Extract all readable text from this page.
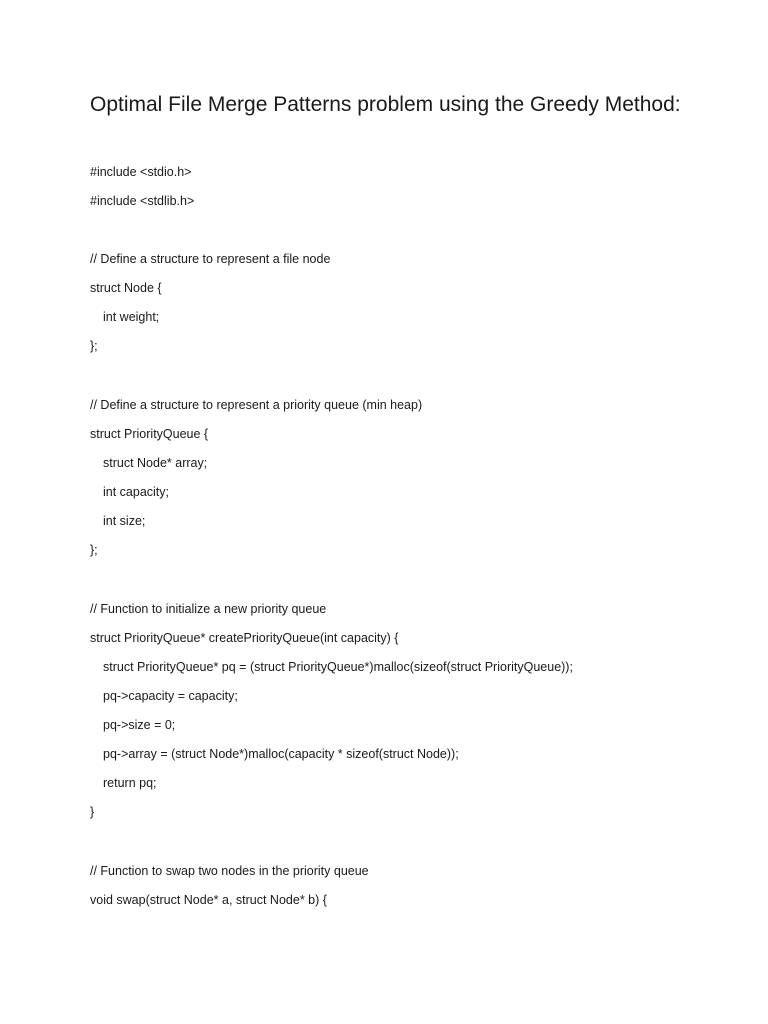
Optimal File Merge Patterns problem using the Greedy Method:
#include <stdio.h>
#include <stdlib.h>
// Define a structure to represent a file node
struct Node {
int weight;
};
// Define a structure to represent a priority queue (min heap)
struct PriorityQueue {
struct Node* array;
int capacity;
int size;
};
// Function to initialize a new priority queue
struct PriorityQueue* createPriorityQueue(int capacity) {
struct PriorityQueue* pq = (struct PriorityQueue*)malloc(sizeof(struct PriorityQueue));
pq->capacity = capacity;
pq->size = 0;
pq->array = (struct Node*)malloc(capacity * sizeof(struct Node));
return pq;
}
// Function to swap two nodes in the priority queue
void swap(struct Node* a, struct Node* b) {
